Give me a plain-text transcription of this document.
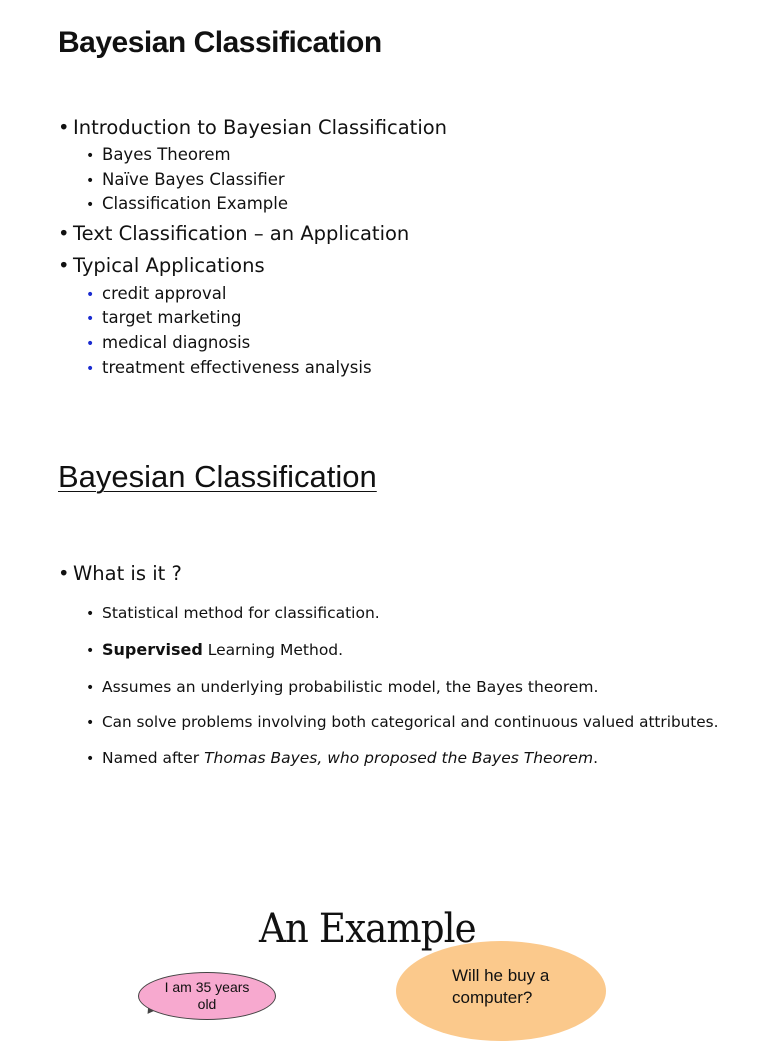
Bayesian Classification
• Introduction to Bayesian Classification
• Bayes Theorem
• Naïve Bayes Classifier
• Classification Example
• Text Classification – an Application
• Typical Applications
• credit approval
• target marketing
• medical diagnosis
• treatment effectiveness analysis
Bayesian Classification
• What is it ?
• Statistical method for classification.
• Supervised Learning Method.
• Assumes an underlying probabilistic model, the Bayes theorem.
• Can solve problems involving both categorical and continuous valued attributes.
• Named after Thomas Bayes, who proposed the Bayes Theorem.
An Example
I am 35 years
old
Will he buy a
computer?
